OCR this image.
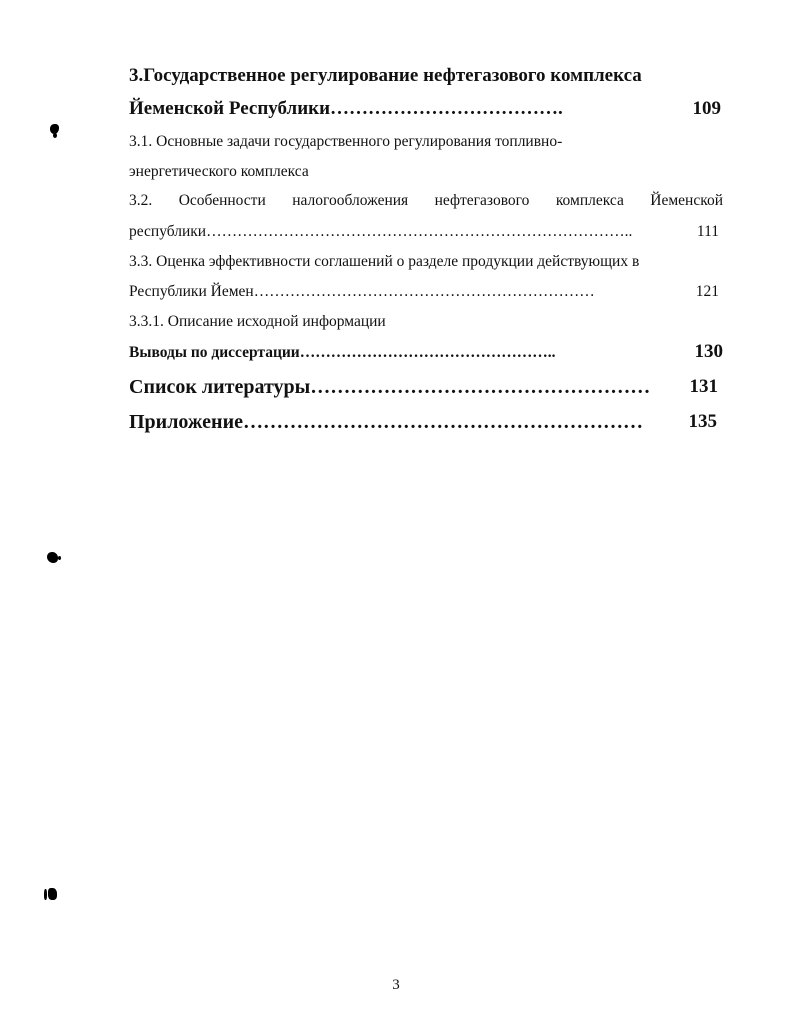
3.Государственное регулирование нефтегазового комплекса
Йеменской Республики……………………………….	109
3.1. Основные задачи государственного регулирования топливно-
энергетического комплекса
3.2. Особенности налогообложения нефтегазового комплекса Йеменской
республики………………………………………………………………………..	111
3.3. Оценка эффективности соглашений о разделе продукции действующих в
Республики Йемен…………………………………………………………	121
3.3.1. Описание исходной информации
Выводы по диссертации…………………………………………..	130
Список литературы……………………………………………	131
Приложение……………………………………………………	135
3
